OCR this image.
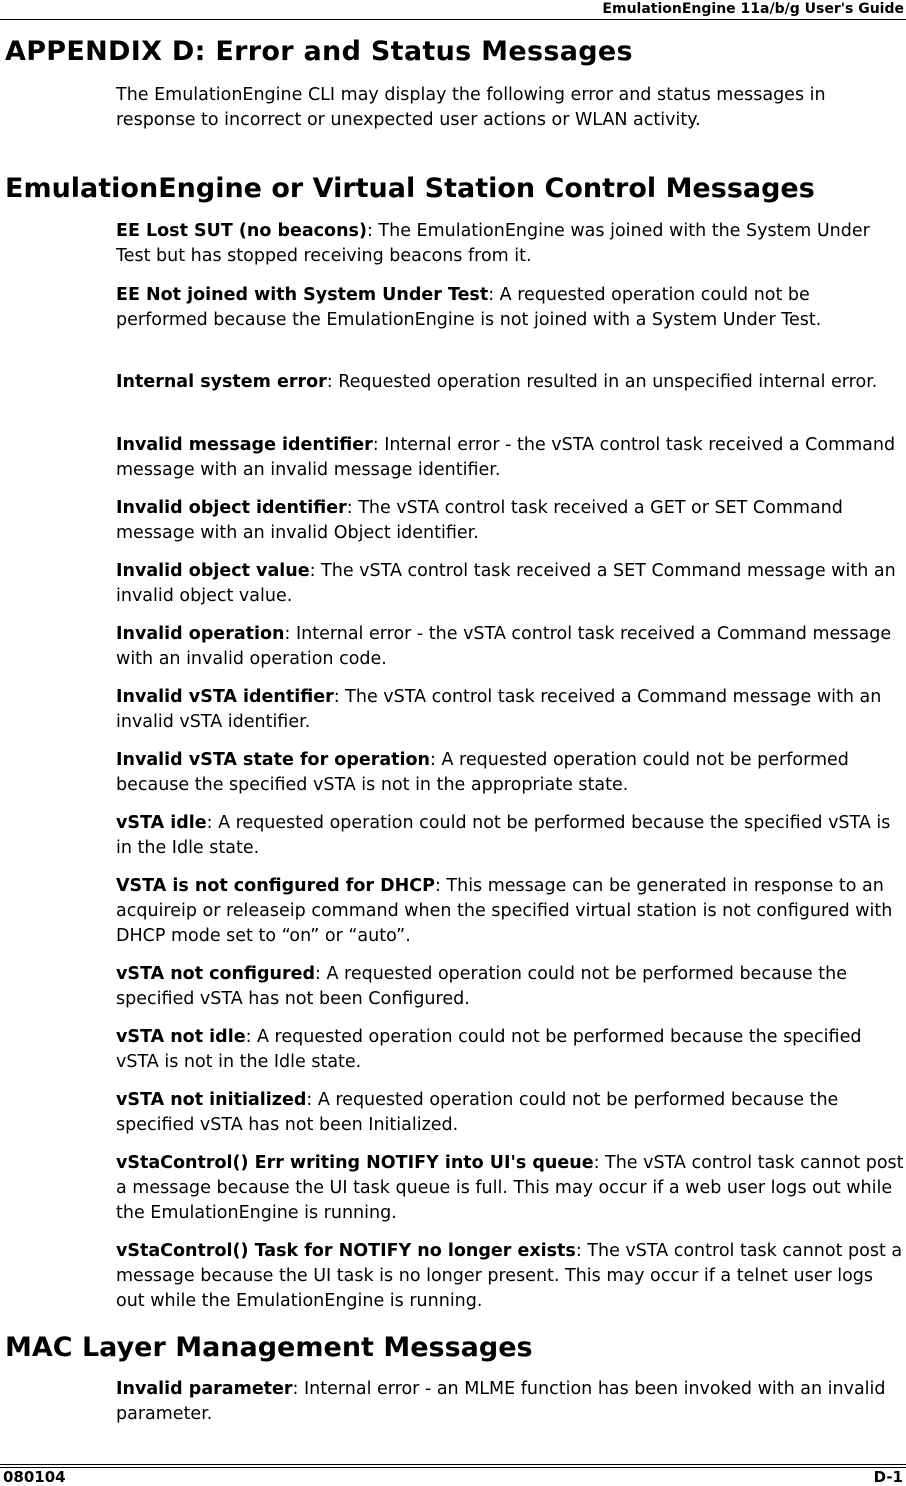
EmulationEngine 11a/b/g User's Guide
APPENDIX D: Error and Status Messages

The EmulationEngine CLI may display the following error and status messages in response to incorrect or unexpected user actions or WLAN activity.

EmulationEngine or Virtual Station Control Messages

EE Lost SUT (no beacons): The EmulationEngine was joined with the System Under Test but has stopped receiving beacons from it.

EE Not joined with System Under Test: A requested operation could not be performed because the EmulationEngine is not joined with a System Under Test.

Internal system error: Requested operation resulted in an unspecified internal error.

Invalid message identifier: Internal error - the vSTA control task received a Command message with an invalid message identifier.

Invalid object identifier: The vSTA control task received a GET or SET Command message with an invalid Object identifier.

Invalid object value: The vSTA control task received a SET Command message with an invalid object value.

Invalid operation: Internal error - the vSTA control task received a Command message with an invalid operation code.

Invalid vSTA identifier: The vSTA control task received a Command message with an invalid vSTA identifier.

Invalid vSTA state for operation: A requested operation could not be performed because the specified vSTA is not in the appropriate state.

vSTA idle: A requested operation could not be performed because the specified vSTA is in the Idle state.

VSTA is not configured for DHCP: This message can be generated in response to an acquireip or releaseip command when the specified virtual station is not configured with DHCP mode set to “on” or “auto”.

vSTA not configured: A requested operation could not be performed because the specified vSTA has not been Configured.

vSTA not idle: A requested operation could not be performed because the specified vSTA is not in the Idle state.

vSTA not initialized: A requested operation could not be performed because the specified vSTA has not been Initialized.

vStaControl() Err writing NOTIFY into UI's queue: The vSTA control task cannot post a message because the UI task queue is full. This may occur if a web user logs out while the EmulationEngine is running.

vStaControl() Task for NOTIFY no longer exists: The vSTA control task cannot post a message because the UI task is no longer present. This may occur if a telnet user logs out while the EmulationEngine is running.

MAC Layer Management Messages

Invalid parameter: Internal error - an MLME function has been invoked with an invalid parameter.

080104	D-1
